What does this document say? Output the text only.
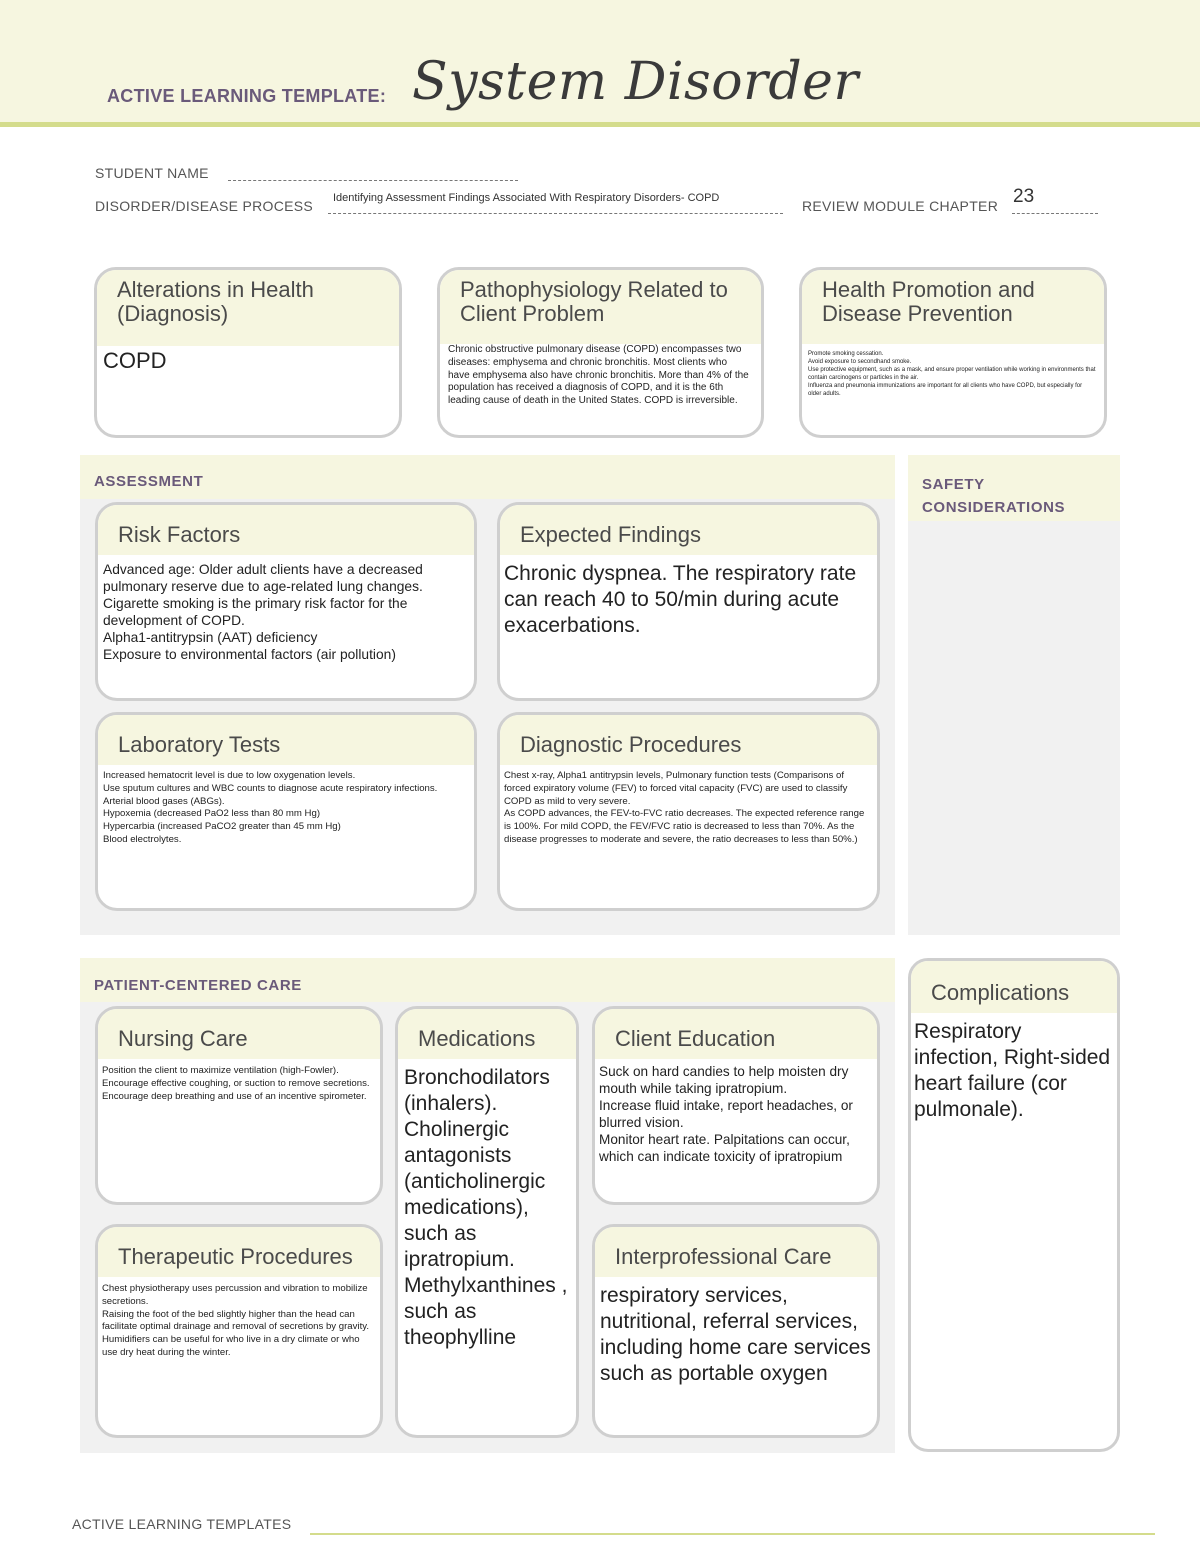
ACTIVE LEARNING TEMPLATE: System Disorder
STUDENT NAME
DISORDER/DISEASE PROCESS Identifying Assessment Findings Associated With Respiratory Disorders- COPD	REVIEW MODULE CHAPTER 23
Alterations in Health (Diagnosis)
COPD
Pathophysiology Related to Client Problem
Chronic obstructive pulmonary disease (COPD) encompasses two diseases: emphysema and chronic bronchitis. Most clients who have emphysema also have chronic bronchitis. More than 4% of the population has received a diagnosis of COPD, and it is the 6th leading cause of death in the United States. COPD is irreversible.
Health Promotion and Disease Prevention
Promote smoking cessation.
Avoid exposure to secondhand smoke.
Use protective equipment, such as a mask, and ensure proper ventilation while working in environments that contain carcinogens or particles in the air.
Influenza and pneumonia immunizations are important for all clients who have COPD, but especially for older adults.
ASSESSMENT
Risk Factors
Advanced age: Older adult clients have a decreased pulmonary reserve due to age-related lung changes.
Cigarette smoking is the primary risk factor for the development of COPD.
Alpha1-antitrypsin (AAT) deficiency
Exposure to environmental factors (air pollution)
Expected Findings
Chronic dyspnea. The respiratory rate can reach 40 to 50/min during acute exacerbations.
Laboratory Tests
Increased hematocrit level is due to low oxygenation levels.
Use sputum cultures and WBC counts to diagnose acute respiratory infections.
Arterial blood gases (ABGs).
Hypoxemia (decreased PaO2 less than 80 mm Hg)
Hypercarbia (increased PaCO2 greater than 45 mm Hg)
Blood electrolytes.
Diagnostic Procedures
Chest x-ray, Alpha1 antitrypsin levels, Pulmonary function tests (Comparisons of forced expiratory volume (FEV) to forced vital capacity (FVC) are used to classify COPD as mild to very severe.
As COPD advances, the FEV-to-FVC ratio decreases. The expected reference range is 100%. For mild COPD, the FEV/FVC ratio is decreased to less than 70%. As the disease progresses to moderate and severe, the ratio decreases to less than 50%.)
SAFETY CONSIDERATIONS
PATIENT-CENTERED CARE
Nursing Care
Position the client to maximize ventilation (high-Fowler). Encourage effective coughing, or suction to remove secretions.
Encourage deep breathing and use of an incentive spirometer.
Medications
Bronchodilators (inhalers). Cholinergic antagonists (anticholinergic medications), such as ipratropium. Methylxanthines , such as theophylline
Client Education
Suck on hard candies to help moisten dry mouth while taking ipratropium.
Increase fluid intake, report headaches, or blurred vision.
Monitor heart rate. Palpitations can occur, which can indicate toxicity of ipratropium
Therapeutic Procedures
Chest physiotherapy uses percussion and vibration to mobilize secretions.
Raising the foot of the bed slightly higher than the head can facilitate optimal drainage and removal of secretions by gravity.
Humidifiers can be useful for who live in a dry climate or who use dry heat during the winter.
Interprofessional Care
respiratory services, nutritional, referral services, including home care services such as portable oxygen
Complications
Respiratory infection, Right-sided heart failure (cor pulmonale).
ACTIVE LEARNING TEMPLATES
